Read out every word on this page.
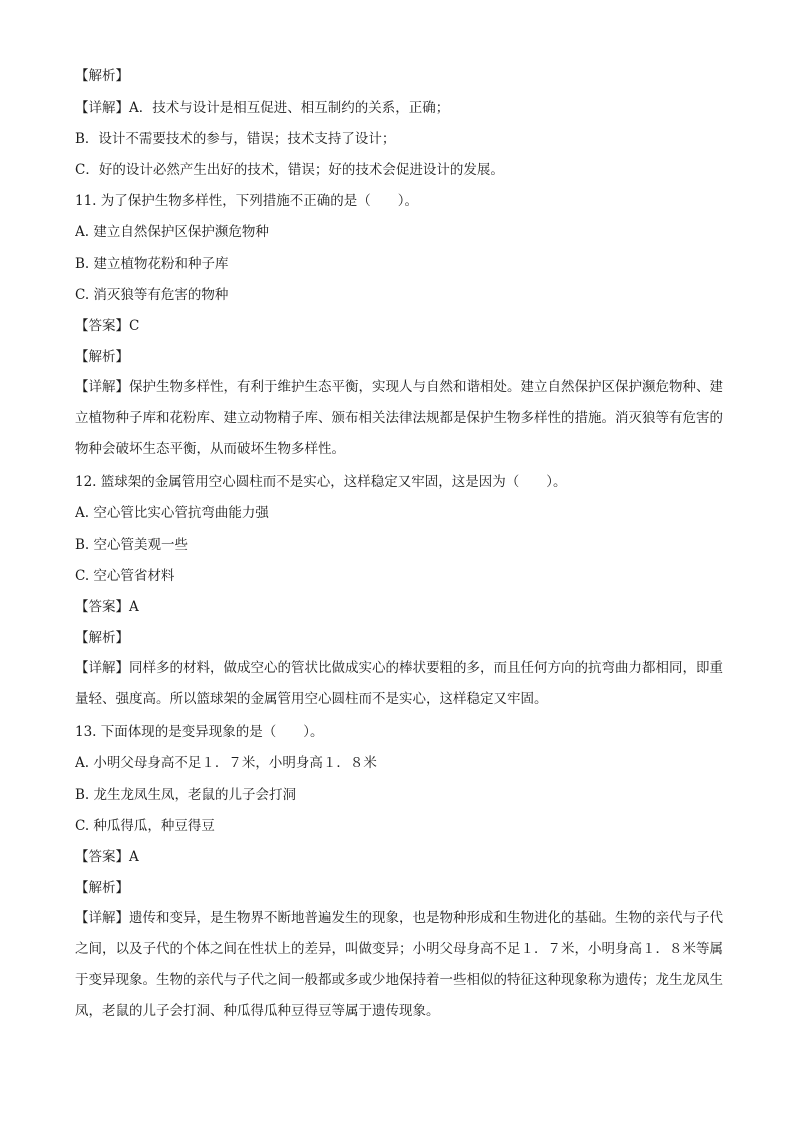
【解析】
【详解】A．技术与设计是相互促进、相互制约的关系，正确；
B．设计不需要技术的参与，错误；技术支持了设计；
C．好的设计必然产生出好的技术，错误；好的技术会促进设计的发展。
11. 为了保护生物多样性，下列措施不正确的是（　　）。
A. 建立自然保护区保护濒危物种
B. 建立植物花粉和种子库
C. 消灭狼等有危害的物种
【答案】C
【解析】
【详解】保护生物多样性，有利于维护生态平衡，实现人与自然和谐相处。建立自然保护区保护濒危物种、建立植物种子库和花粉库、建立动物精子库、颁布相关法律法规都是保护生物多样性的措施。消灭狼等有危害的物种会破坏生态平衡，从而破坏生物多样性。
12. 篮球架的金属管用空心圆柱而不是实心，这样稳定又牢固，这是因为（　　）。
A. 空心管比实心管抗弯曲能力强
B. 空心管美观一些
C. 空心管省材料
【答案】A
【解析】
【详解】同样多的材料，做成空心的管状比做成实心的棒状要粗的多，而且任何方向的抗弯曲力都相同，即重量轻、强度高。所以篮球架的金属管用空心圆柱而不是实心，这样稳定又牢固。
13. 下面体现的是变异现象的是（　　）。
A. 小明父母身高不足１．７米，小明身高１．８米
B. 龙生龙凤生凤，老鼠的儿子会打洞
C. 种瓜得瓜，种豆得豆
【答案】A
【解析】
【详解】遗传和变异，是生物界不断地普遍发生的现象，也是物种形成和生物进化的基础。生物的亲代与子代之间，以及子代的个体之间在性状上的差异，叫做变异；小明父母身高不足１．７米，小明身高１．８米等属于变异现象。生物的亲代与子代之间一般都或多或少地保持着一些相似的特征这种现象称为遗传；龙生龙凤生凤，老鼠的儿子会打洞、种瓜得瓜种豆得豆等属于遗传现象。
